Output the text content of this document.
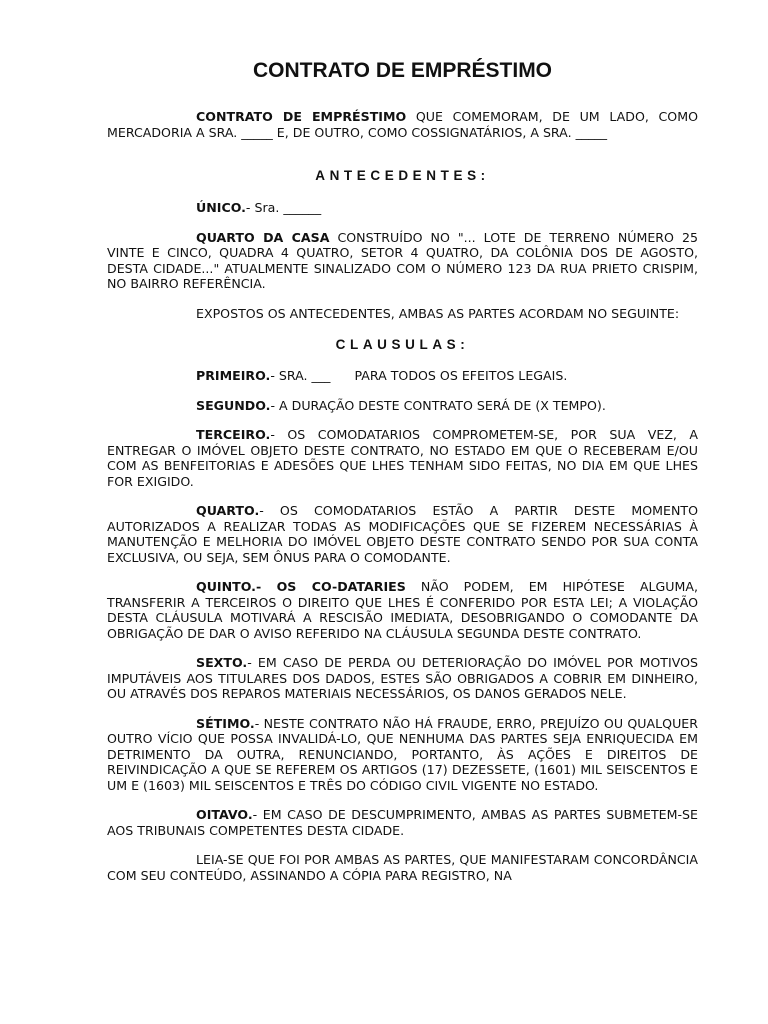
CONTRATO DE EMPRÉSTIMO

CONTRATO DE EMPRÉSTIMO QUE COMEMORAM, DE UM LADO, COMO MERCADORIA A SRA. _____ E, DE OUTRO, COMO COSSIGNATÁRIOS, A SRA. _____

ANTECEDENTES:

ÚNICO.- Sra. ______

QUARTO DA CASA CONSTRUÍDO NO "... LOTE DE TERRENO NÚMERO 25 VINTE E CINCO, QUADRA 4 QUATRO, SETOR 4 QUATRO, DA COLÔNIA DOS DE AGOSTO, DESTA CIDADE..." ATUALMENTE SINALIZADO COM O NÚMERO 123 DA RUA PRIETO CRISPIM, NO BAIRRO REFERÊNCIA.

EXPOSTOS OS ANTECEDENTES, AMBAS AS PARTES ACORDAM NO SEGUINTE:

CLAUSULAS:

PRIMEIRO.- SRA. ___      PARA TODOS OS EFEITOS LEGAIS.

SEGUNDO.- A DURAÇÃO DESTE CONTRATO SERÁ DE (X TEMPO).

TERCEIRO.- OS COMODATARIOS COMPROMETEM-SE, POR SUA VEZ, A ENTREGAR O IMÓVEL OBJETO DESTE CONTRATO, NO ESTADO EM QUE O RECEBERAM E/OU COM AS BENFEITORIAS E ADESÕES QUE LHES TENHAM SIDO FEITAS, NO DIA EM QUE LHES FOR EXIGIDO.

QUARTO.- OS COMODATARIOS ESTÃO A PARTIR DESTE MOMENTO AUTORIZADOS A REALIZAR TODAS AS MODIFICAÇÕES QUE SE FIZEREM NECESSÁRIAS À MANUTENÇÃO E MELHORIA DO IMÓVEL OBJETO DESTE CONTRATO SENDO POR SUA CONTA EXCLUSIVA, OU SEJA, SEM ÔNUS PARA O COMODANTE.

QUINTO.- OS CO-DATARIES NÃO PODEM, EM HIPÓTESE ALGUMA, TRANSFERIR A TERCEIROS O DIREITO QUE LHES É CONFERIDO POR ESTA LEI; A VIOLAÇÃO DESTA CLÁUSULA MOTIVARÁ A RESCISÃO IMEDIATA, DESOBRIGANDO O COMODANTE DA OBRIGAÇÃO DE DAR O AVISO REFERIDO NA CLÁUSULA SEGUNDA DESTE CONTRATO.

SEXTO.- EM CASO DE PERDA OU DETERIORAÇÃO DO IMÓVEL POR MOTIVOS IMPUTÁVEIS AOS TITULARES DOS DADOS, ESTES SÃO OBRIGADOS A COBRIR EM DINHEIRO, OU ATRAVÉS DOS REPAROS MATERIAIS NECESSÁRIOS, OS DANOS GERADOS NELE.

SÉTIMO.- NESTE CONTRATO NÃO HÁ FRAUDE, ERRO, PREJUÍZO OU QUALQUER OUTRO VÍCIO QUE POSSA INVALIDÁ-LO, QUE NENHUMA DAS PARTES SEJA ENRIQUECIDA EM DETRIMENTO DA OUTRA, RENUNCIANDO, PORTANTO, ÀS AÇÕES E DIREITOS DE REIVINDICAÇÃO A QUE SE REFEREM OS ARTIGOS (17) DEZESSETE, (1601) MIL SEISCENTOS E UM E (1603) MIL SEISCENTOS E TRÊS DO CÓDIGO CIVIL VIGENTE NO ESTADO.

OITAVO.- EM CASO DE DESCUMPRIMENTO, AMBAS AS PARTES SUBMETEM-SE AOS TRIBUNAIS COMPETENTES DESTA CIDADE.

LEIA-SE QUE FOI POR AMBAS AS PARTES, QUE MANIFESTARAM CONCORDÂNCIA COM SEU CONTEÚDO, ASSINANDO A CÓPIA PARA REGISTRO, NA
